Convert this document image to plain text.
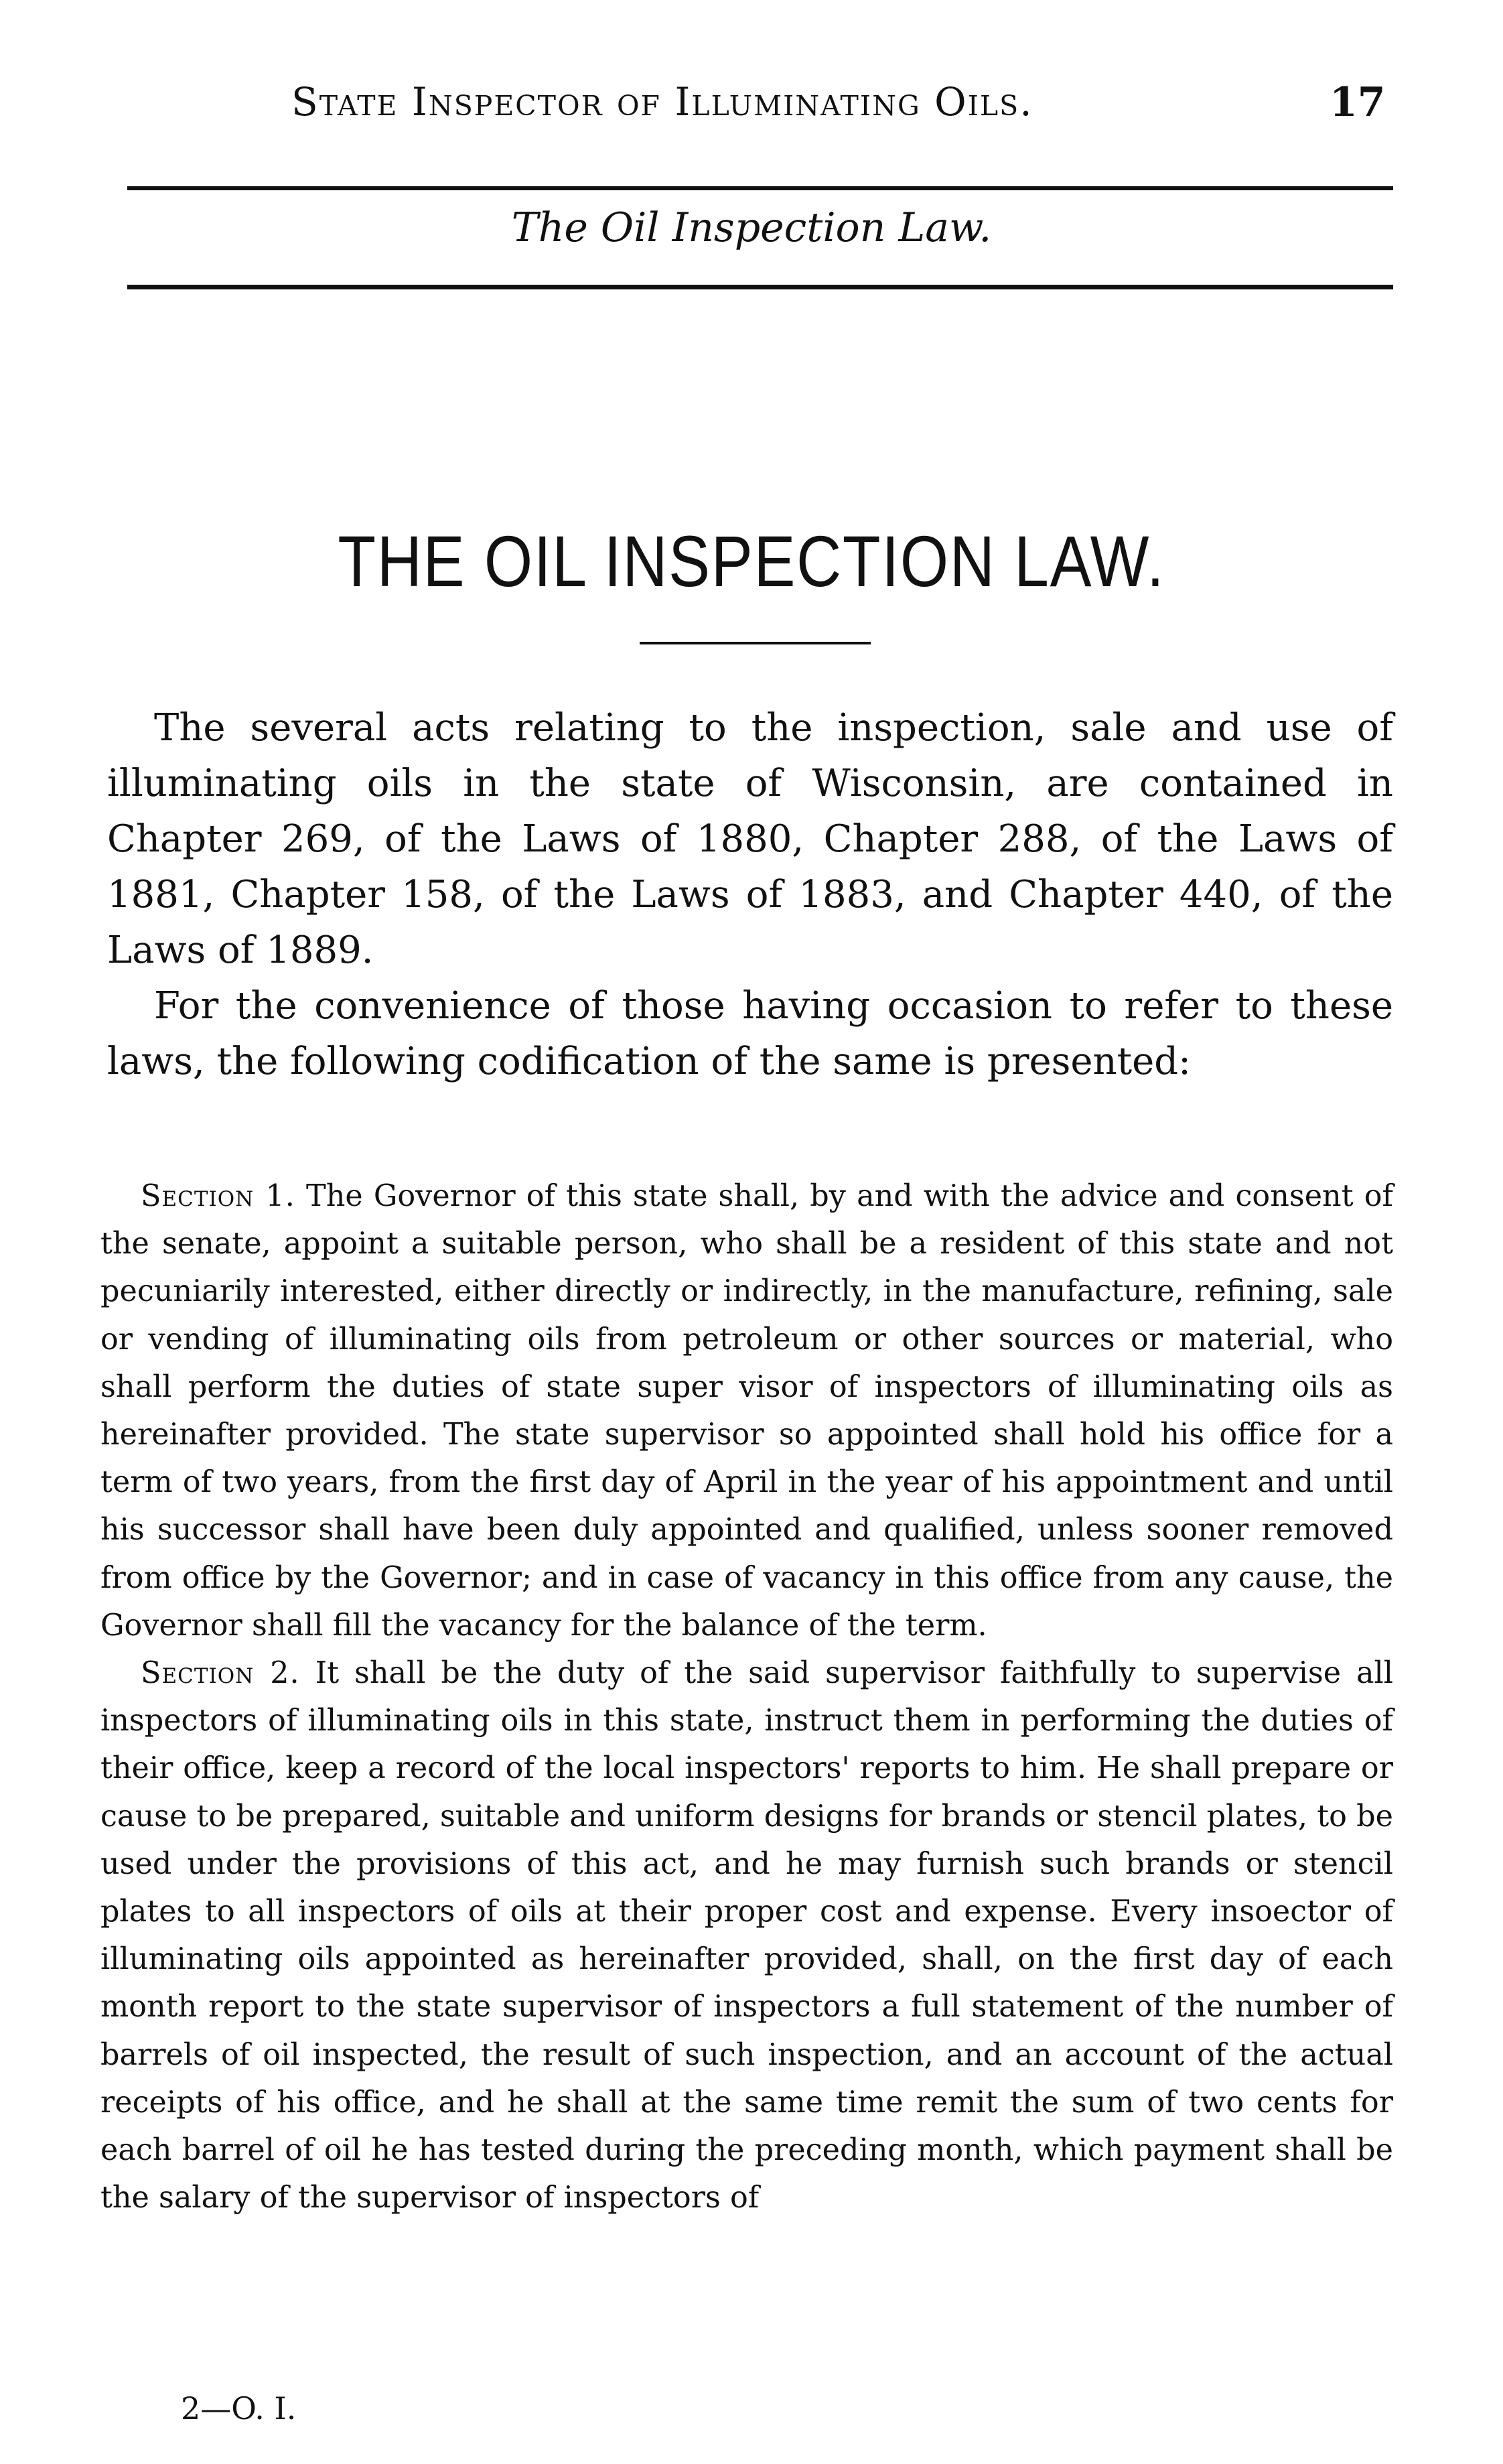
State Inspector of Illuminating Oils.	17
The Oil Inspection Law.
THE OIL INSPECTION LAW.

The several acts relating to the inspection, sale and use of illuminating oils in the state of Wisconsin, are contained in Chapter 269, of the Laws of 1880, Chapter 288, of the Laws of 1881, Chapter 158, of the Laws of 1883, and Chapter 440, of the Laws of 1889.

For the convenience of those having occasion to refer to these laws, the following codification of the same is presented:

Section 1. The Governor of this state shall, by and with the advice and consent of the senate, appoint a suitable person, who shall be a resident of this state and not pecuniarily interested, either directly or indirectly, in the manufacture, refining, sale or vending of illuminating oils from petroleum or other sources or material, who shall perform the duties of state super visor of inspectors of illuminating oils as hereinafter provided. The state supervisor so appointed shall hold his office for a term of two years, from the first day of April in the year of his appointment and until his successor shall have been duly appointed and qualified, unless sooner removed from office by the Governor; and in case of vacancy in this office from any cause, the Governor shall fill the vacancy for the balance of the term.

Section 2. It shall be the duty of the said supervisor faithfully to supervise all inspectors of illuminating oils in this state, instruct them in performing the duties of their office, keep a record of the local inspectors' reports to him. He shall prepare or cause to be prepared, suitable and uniform designs for brands or stencil plates, to be used under the provisions of this act, and he may furnish such brands or stencil plates to all inspectors of oils at their proper cost and expense. Every insoector of illuminating oils appointed as hereinafter provided, shall, on the first day of each month report to the state supervisor of inspectors a full statement of the number of barrels of oil inspected, the result of such inspection, and an account of the actual receipts of his office, and he shall at the same time remit the sum of two cents for each barrel of oil he has tested during the preceding month, which payment shall be the salary of the supervisor of inspectors of

2—O. I.
